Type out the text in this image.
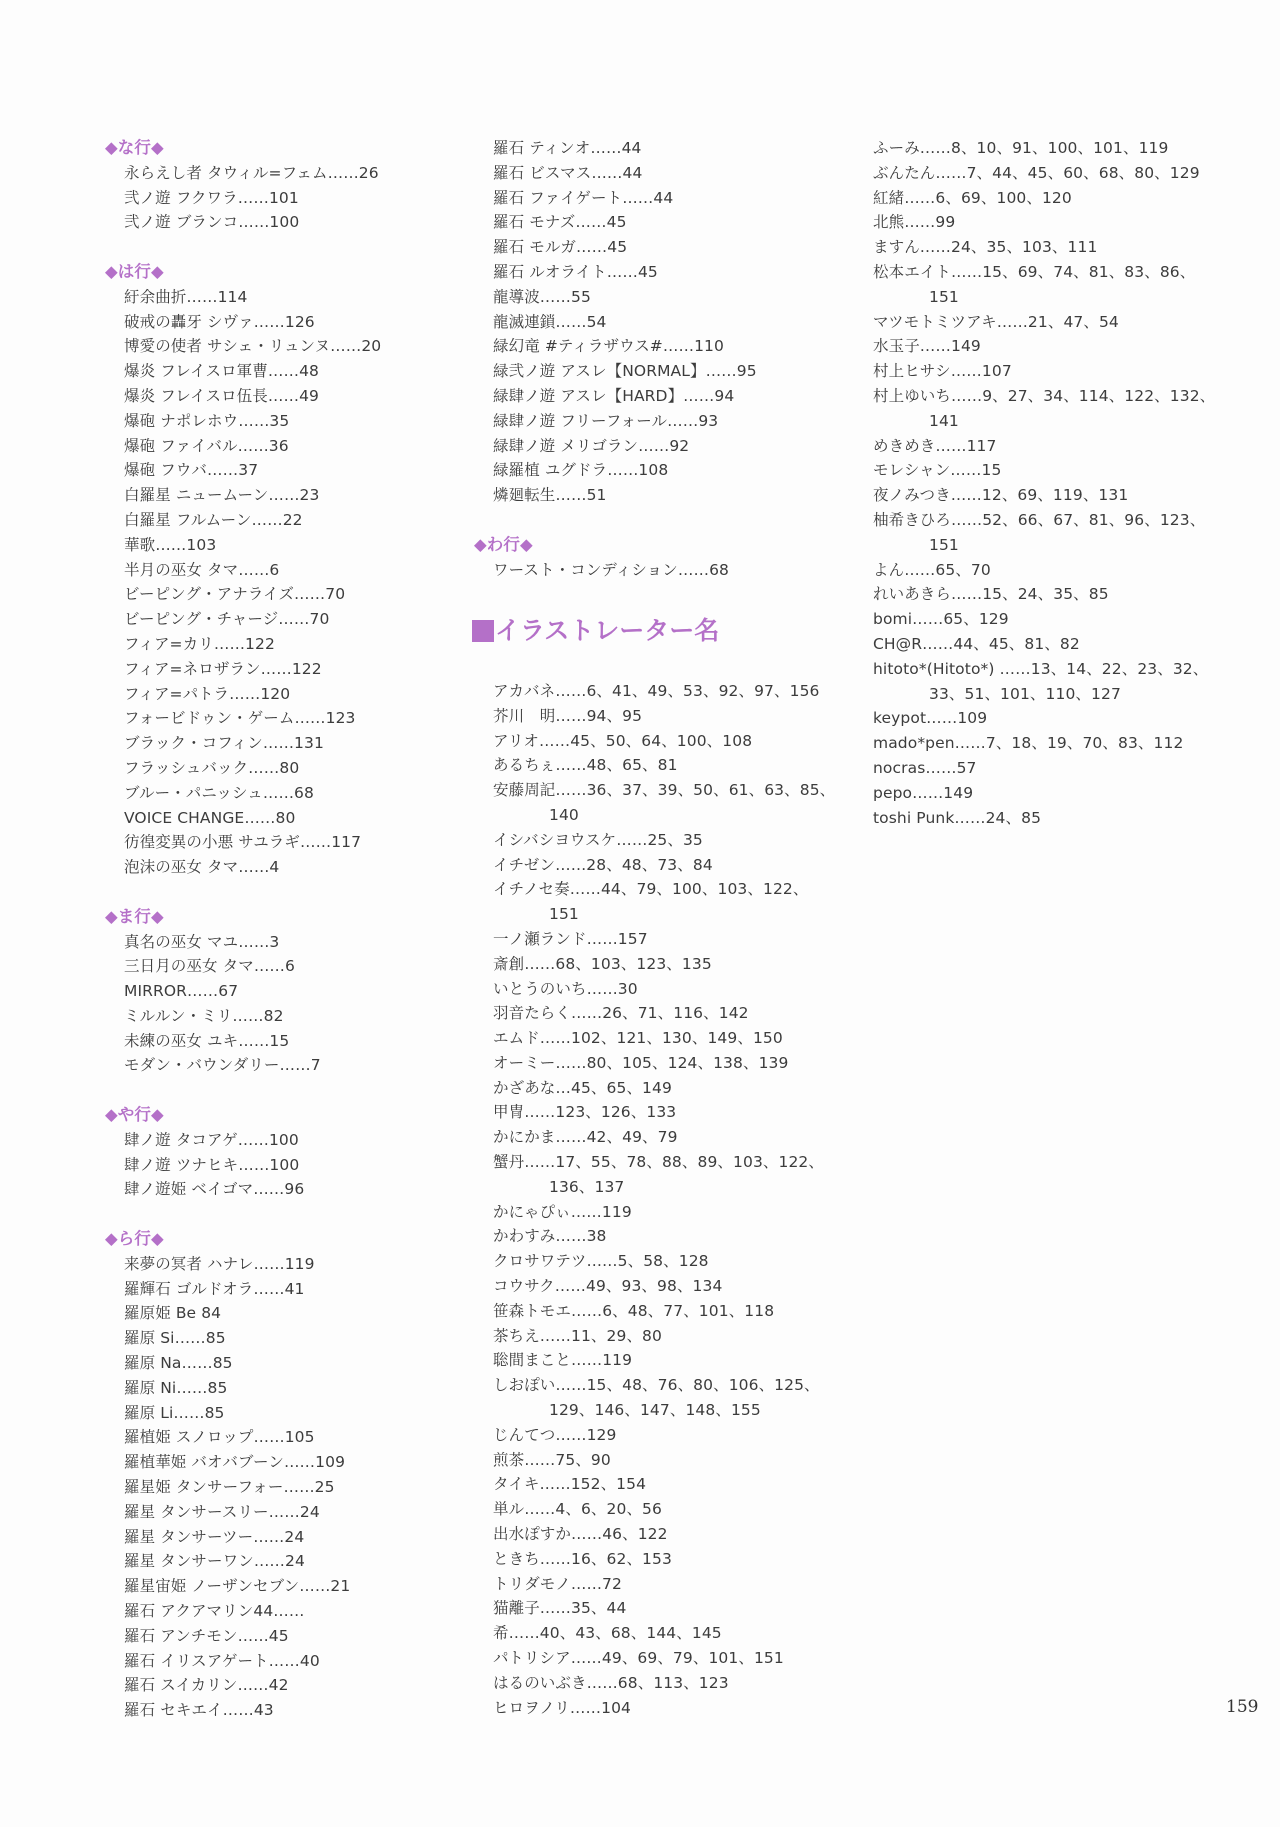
◆な行◆
永らえし者 タウィル=フェム……26
弐ノ遊 フクワラ……101
弐ノ遊 ブランコ……100
◆は行◆
紆余曲折……114
破戒の轟牙 シヴァ……126
博愛の使者 サシェ・リュンヌ……20
爆炎 フレイスロ軍曹……48
爆炎 フレイスロ伍長……49
爆砲 ナポレホウ……35
爆砲 ファイバル……36
爆砲 フウバ……37
白羅星 ニュームーン……23
白羅星 フルムーン……22
華歌……103
半月の巫女 タマ……6
ビーピング・アナライズ……70
ビーピング・チャージ……70
フィア=カリ……122
フィア=ネロザラン……122
フィア=パトラ……120
フォービドゥン・ゲーム……123
ブラック・コフィン……131
フラッシュバック……80
ブルー・パニッシュ……68
VOICE CHANGE……80
彷徨変異の小悪 サユラギ……117
泡沫の巫女 タマ……4
◆ま行◆
真名の巫女 マユ……3
三日月の巫女 タマ……6
MIRROR……67
ミルルン・ミリ……82
未練の巫女 ユキ……15
モダン・バウンダリー……7
◆や行◆
肆ノ遊 タコアゲ……100
肆ノ遊 ツナヒキ……100
肆ノ遊姫 ベイゴマ……96
◆ら行◆
来夢の冥者 ハナレ……119
羅輝石 ゴルドオラ……41
羅原姫 Be 84
羅原 Si……85
羅原 Na……85
羅原 Ni……85
羅原 Li……85
羅植姫 スノロップ……105
羅植華姫 バオバブーン……109
羅星姫 タンサーフォー……25
羅星 タンサースリー……24
羅星 タンサーツー……24
羅星 タンサーワン……24
羅星宙姫 ノーザンセブン……21
羅石 アクアマリン44……
羅石 アンチモン……45
羅石 イリスアゲート……40
羅石 スイカリン……42
羅石 セキエイ……43
羅石 ティンオ……44
羅石 ビスマス……44
羅石 ファイゲート……44
羅石 モナズ……45
羅石 モルガ……45
羅石 ルオライト……45
龍導波……55
龍滅連鎖……54
緑幻竜 #ティラザウス#……110
緑弐ノ遊 アスレ【NORMAL】……95
緑肆ノ遊 アスレ【HARD】……94
緑肆ノ遊 フリーフォール……93
緑肆ノ遊 メリゴラン……92
緑羅植 ユグドラ……108
燐廻転生……51
◆わ行◆
ワースト・コンディション……68
イラストレーター名
アカバネ……6、41、49、53、92、97、156
芥川　明……94、95
アリオ……45、50、64、100、108
あるちぇ……48、65、81
安藤周記……36、37、39、50、61、63、85、
140
イシバシヨウスケ……25、35
イチゼン……28、48、73、84
イチノセ奏……44、79、100、103、122、
151
一ノ瀬ランド……157
斎創……68、103、123、135
いとうのいち……30
羽音たらく……26、71、116、142
エムド……102、121、130、149、150
オーミー……80、105、124、138、139
かざあな…45、65、149
甲冑……123、126、133
かにかま……42、49、79
蟹丹……17、55、78、88、89、103、122、
136、137
かにゃぴぃ……119
かわすみ……38
クロサワテツ……5、58、128
コウサク……49、93、98、134
笹森トモエ……6、48、77、101、118
茶ちえ……11、29、80
聡間まこと……119
しおぽい……15、48、76、80、106、125、
129、146、147、148、155
じんてつ……129
煎茶……75、90
タイキ……152、154
単ル……4、6、20、56
出水ぽすか……46、122
ときち……16、62、153
トリダモノ……72
猫離子……35、44
希……40、43、68、144、145
パトリシア……49、69、79、101、151
はるのいぶき……68、113、123
ヒロヲノリ……104
ふーみ……8、10、91、100、101、119
ぶんたん……7、44、45、60、68、80、129
紅緒……6、69、100、120
北熊……99
ますん……24、35、103、111
松本エイト……15、69、74、81、83、86、
151
マツモトミツアキ……21、47、54
水玉子……149
村上ヒサシ……107
村上ゆいち……9、27、34、114、122、132、
141
めきめき……117
モレシャン……15
夜ノみつき……12、69、119、131
柚希きひろ……52、66、67、81、96、123、
151
よん……65、70
れいあきら……15、24、35、85
bomi……65、129
CH@R……44、45、81、82
hitoto*(Hitoto*) ……13、14、22、23、32、
33、51、101、110、127
keypot……109
mado*pen……7、18、19、70、83、112
nocras……57
pepo……149
toshi Punk……24、85
159
